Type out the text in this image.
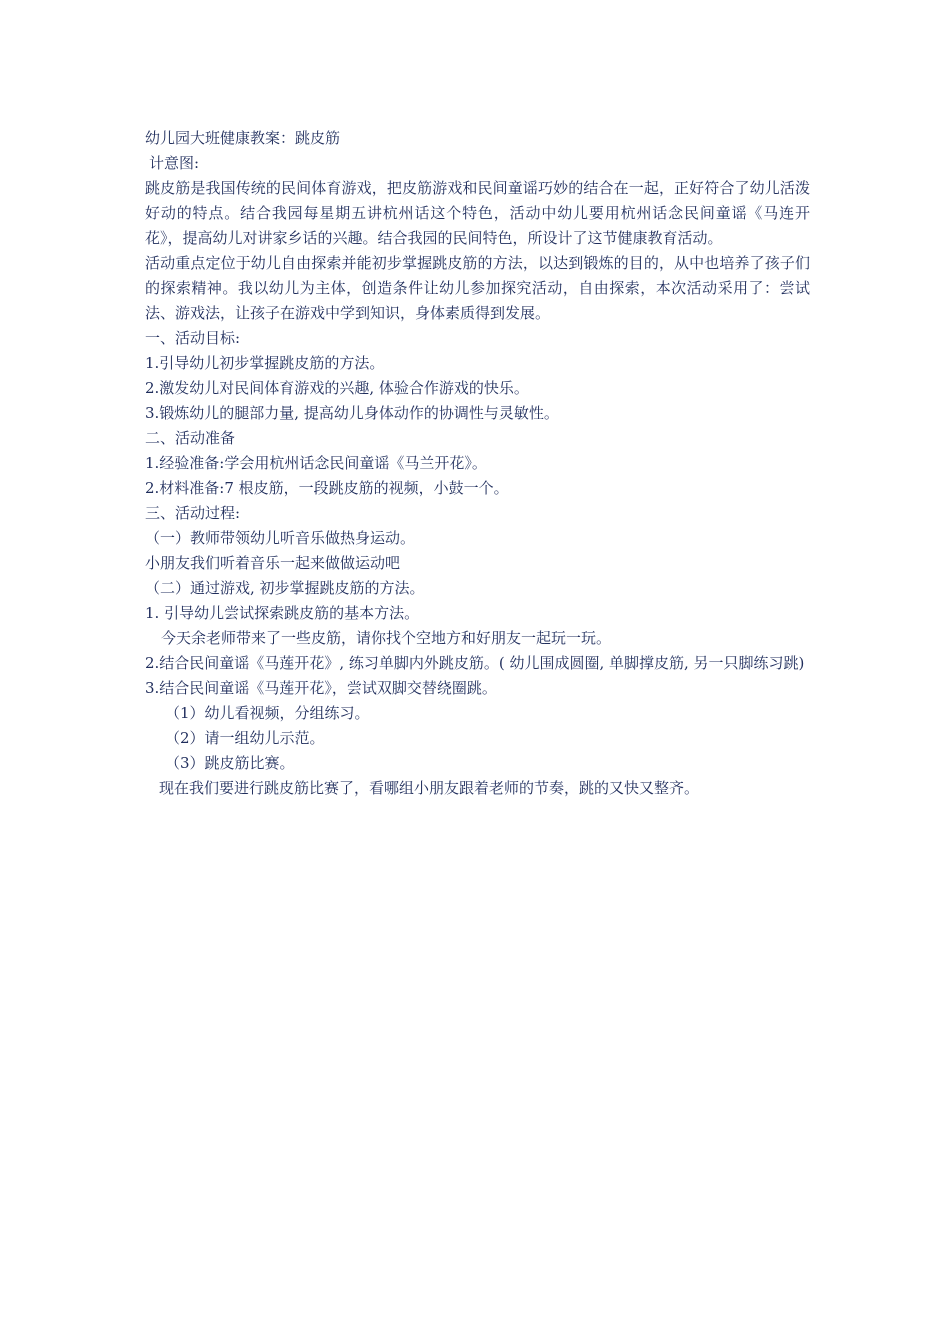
幼儿园大班健康教案：跳皮筋
计意图:
跳皮筋是我国传统的民间体育游戏，把皮筋游戏和民间童谣巧妙的结合在一起，正好符合了幼儿活泼好动的特点。结合我园每星期五讲杭州话这个特色，活动中幼儿要用杭州话念民间童谣《马连开花》，提高幼儿对讲家乡话的兴趣。结合我园的民间特色，所设计了这节健康教育活动。
活动重点定位于幼儿自由探索并能初步掌握跳皮筋的方法，以达到锻炼的目的，从中也培养了孩子们的探索精神。我以幼儿为主体，创造条件让幼儿参加探究活动，自由探索，本次活动采用了：尝试法、游戏法，让孩子在游戏中学到知识，身体素质得到发展。
一、活动目标:
1.引导幼儿初步掌握跳皮筋的方法。
2.激发幼儿对民间体育游戏的兴趣, 体验合作游戏的快乐。
3.锻炼幼儿的腿部力量, 提高幼儿身体动作的协调性与灵敏性。
二、活动准备
1.经验准备:学会用杭州话念民间童谣《马兰开花》。
2.材料准备:7 根皮筋，一段跳皮筋的视频，小鼓一个。
三、活动过程:
（一）教师带领幼儿听音乐做热身运动。
小朋友我们听着音乐一起来做做运动吧
（二）通过游戏, 初步掌握跳皮筋的方法。
1. 引导幼儿尝试探索跳皮筋的基本方法。
今天余老师带来了一些皮筋，请你找个空地方和好朋友一起玩一玩。
2.结合民间童谣《马莲开花》, 练习单脚内外跳皮筋。( 幼儿围成圆圈, 单脚撑皮筋, 另一只脚练习跳)
3.结合民间童谣《马莲开花》，尝试双脚交替绕圈跳。
（1）幼儿看视频，分组练习。
（2）请一组幼儿示范。
（3）跳皮筋比赛。
现在我们要进行跳皮筋比赛了，看哪组小朋友跟着老师的节奏，跳的又快又整齐。
